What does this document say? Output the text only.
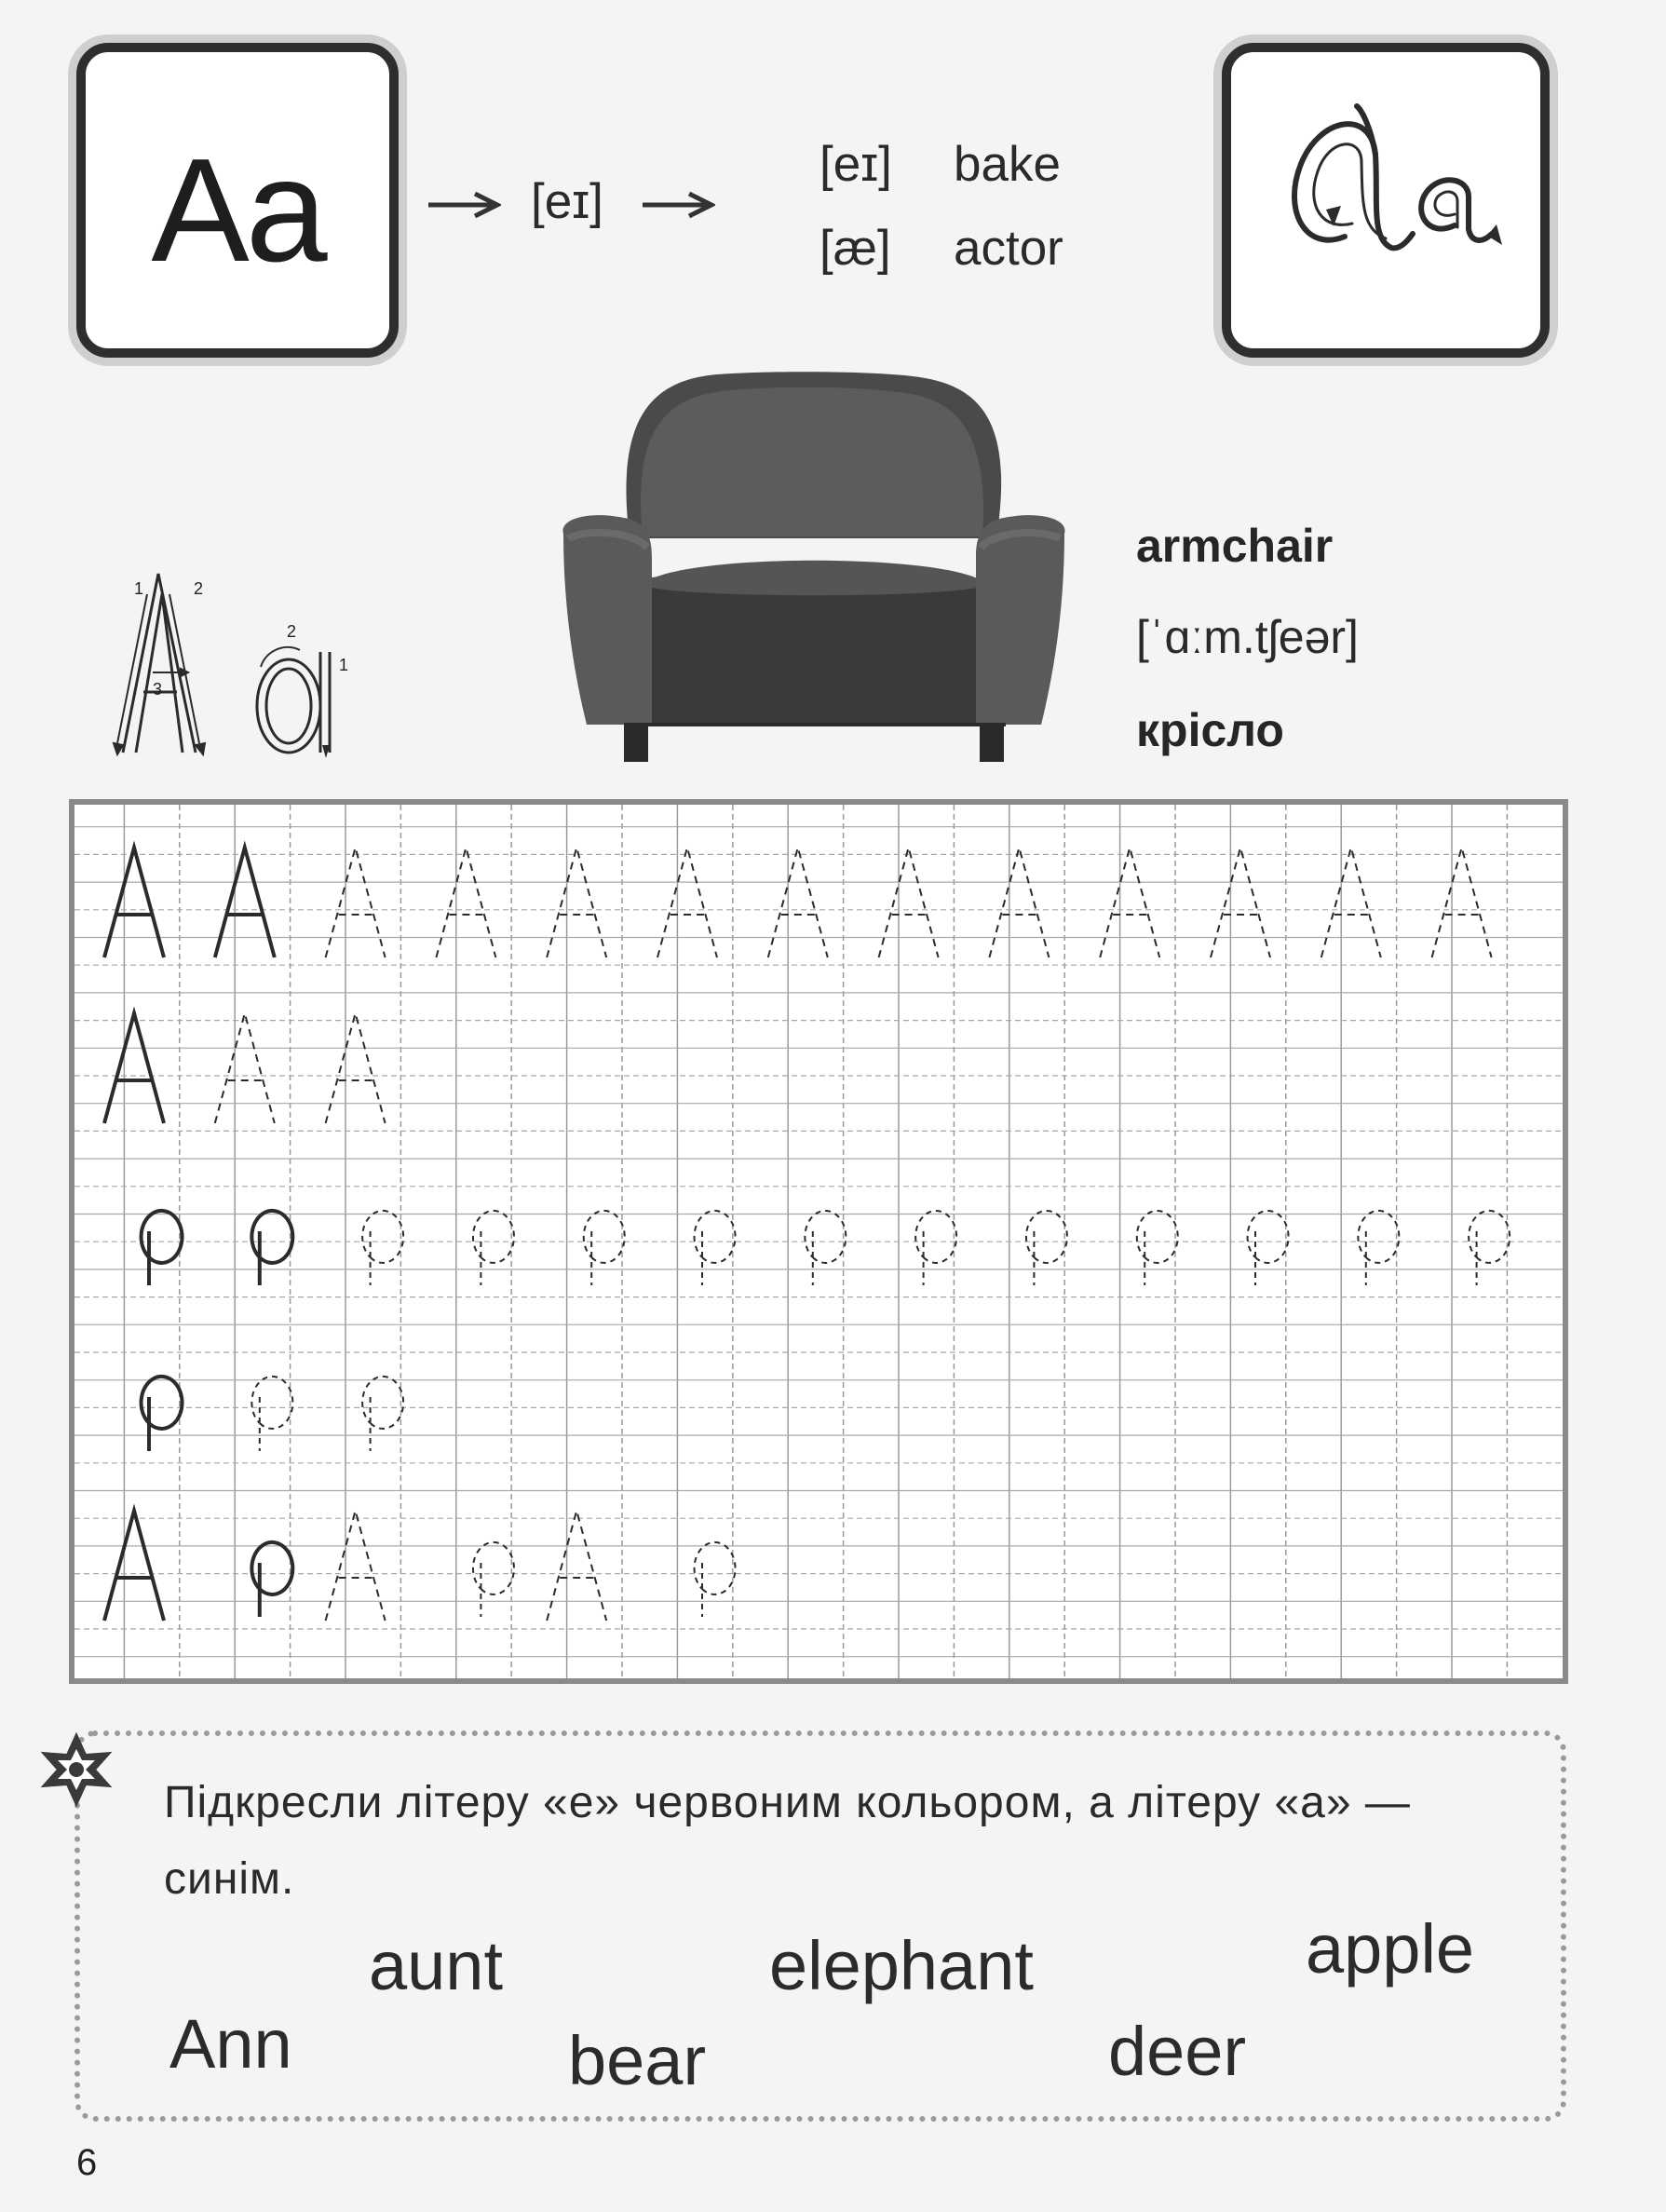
Aa	[eɪ]
[eɪ] bake
[æ] actor
armchair
[ˈɑːm.tʃeər]
крісло
1	2
3
2
1
Підкресли літеру «е» червоним кольором, а літеру «а» — синім.
aunt	elephant	apple
Ann	bear	deer
6
